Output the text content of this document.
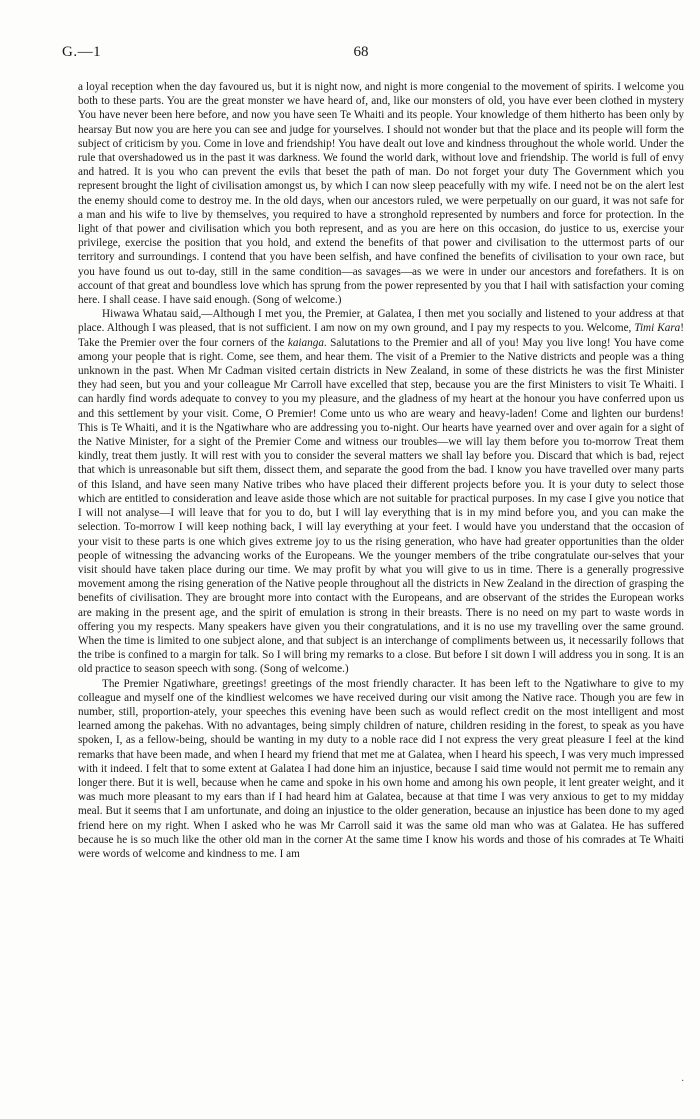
G.—1	68

a loyal reception when the day favoured us, but it is night now, and night is more congenial to the movement of spirits. I welcome you both to these parts. You are the great monster we have heard of, and, like our monsters of old, you have ever been clothed in mystery You have never been here before, and now you have seen Te Whaiti and its people. Your knowledge of them hitherto has been only by hearsay But now you are here you can see and judge for yourselves. I should not wonder but that the place and its people will form the subject of criticism by you. Come in love and friendship! You have dealt out love and kindness throughout the whole world. Under the rule that overshadowed us in the past it was darkness. We found the world dark, without love and friendship. The world is full of envy and hatred. It is you who can prevent the evils that beset the path of man. Do not forget your duty The Government which you represent brought the light of civilisation amongst us, by which I can now sleep peacefully with my wife. I need not be on the alert lest the enemy should come to destroy me. In the old days, when our ancestors ruled, we were perpetually on our guard, it was not safe for a man and his wife to live by themselves, you required to have a stronghold represented by numbers and force for protection. In the light of that power and civilisation which you both represent, and as you are here on this occasion, do justice to us, exercise your privilege, exercise the position that you hold, and extend the benefits of that power and civilisation to the uttermost parts of our territory and surroundings. I contend that you have been selfish, and have confined the benefits of civilisation to your own race, but you have found us out to-day, still in the same condition—as savages—as we were in under our ancestors and forefathers. It is on account of that great and boundless love which has sprung from the power represented by you that I hail with satisfaction your coming here. I shall cease. I have said enough. (Song of welcome.)

Hiwawa Whatau said,—Although I met you, the Premier, at Galatea, I then met you socially and listened to your address at that place. Although I was pleased, that is not sufficient. I am now on my own ground, and I pay my respects to you. Welcome, Timi Kara! Take the Premier over the four corners of the kaianga. Salutations to the Premier and all of you! May you live long! You have come among your people that is right. Come, see them, and hear them. The visit of a Premier to the Native districts and people was a thing unknown in the past. When Mr Cadman visited certain districts in New Zealand, in some of these districts he was the first Minister they had seen, but you and your colleague Mr Carroll have excelled that step, because you are the first Ministers to visit Te Whaiti. I can hardly find words adequate to convey to you my pleasure, and the gladness of my heart at the honour you have conferred upon us and this settlement by your visit. Come, O Premier! Come unto us who are weary and heavy-laden! Come and lighten our burdens! This is Te Whaiti, and it is the Ngatiwhare who are addressing you to-night. Our hearts have yearned over and over again for a sight of the Native Minister, for a sight of the Premier Come and witness our troubles—we will lay them before you to-morrow Treat them kindly, treat them justly. It will rest with you to consider the several matters we shall lay before you. Discard that which is bad, reject that which is unreasonable but sift them, dissect them, and separate the good from the bad. I know you have travelled over many parts of this Island, and have seen many Native tribes who have placed their different projects before you. It is your duty to select those which are entitled to consideration and leave aside those which are not suitable for practical purposes. In my case I give you notice that I will not analyse—I will leave that for you to do, but I will lay everything that is in my mind before you, and you can make the selection. To-morrow I will keep nothing back, I will lay everything at your feet. I would have you understand that the occasion of your visit to these parts is one which gives extreme joy to us the rising generation, who have had greater opportunities than the older people of witnessing the advancing works of the Europeans. We the younger members of the tribe congratulate our-selves that your visit should have taken place during our time. We may profit by what you will give to us in time. There is a generally progressive movement among the rising generation of the Native people throughout all the districts in New Zealand in the direction of grasping the benefits of civilisation. They are brought more into contact with the Europeans, and are observant of the strides the European works are making in the present age, and the spirit of emulation is strong in their breasts. There is no need on my part to waste words in offering you my respects. Many speakers have given you their congratulations, and it is no use my travelling over the same ground. When the time is limited to one subject alone, and that subject is an interchange of compliments between us, it necessarily follows that the tribe is confined to a margin for talk. So I will bring my remarks to a close. But before I sit down I will address you in song. It is an old practice to season speech with song. (Song of welcome.)

The Premier Ngatiwhare, greetings! greetings of the most friendly character. It has been left to the Ngatiwhare to give to my colleague and myself one of the kindliest welcomes we have received during our visit among the Native race. Though you are few in number, still, proportion-ately, your speeches this evening have been such as would reflect credit on the most intelligent and most learned among the pakehas. With no advantages, being simply children of nature, children residing in the forest, to speak as you have spoken, I, as a fellow-being, should be wanting in my duty to a noble race did I not express the very great pleasure I feel at the kind remarks that have been made, and when I heard my friend that met me at Galatea, when I heard his speech, I was very much impressed with it indeed. I felt that to some extent at Galatea I had done him an injustice, because I said time would not permit me to remain any longer there. But it is well, because when he came and spoke in his own home and among his own people, it lent greater weight, and it was much more pleasant to my ears than if I had heard him at Galatea, because at that time I was very anxious to get to my midday meal. But it seems that I am unfortunate, and doing an injustice to the older generation, because an injustice has been done to my aged friend here on my right. When I asked who he was Mr Carroll said it was the same old man who was at Galatea. He has suffered because he is so much like the other old man in the corner At the same time I know his words and those of his comrades at Te Whaiti were words of welcome and kindness to me. I am

·
